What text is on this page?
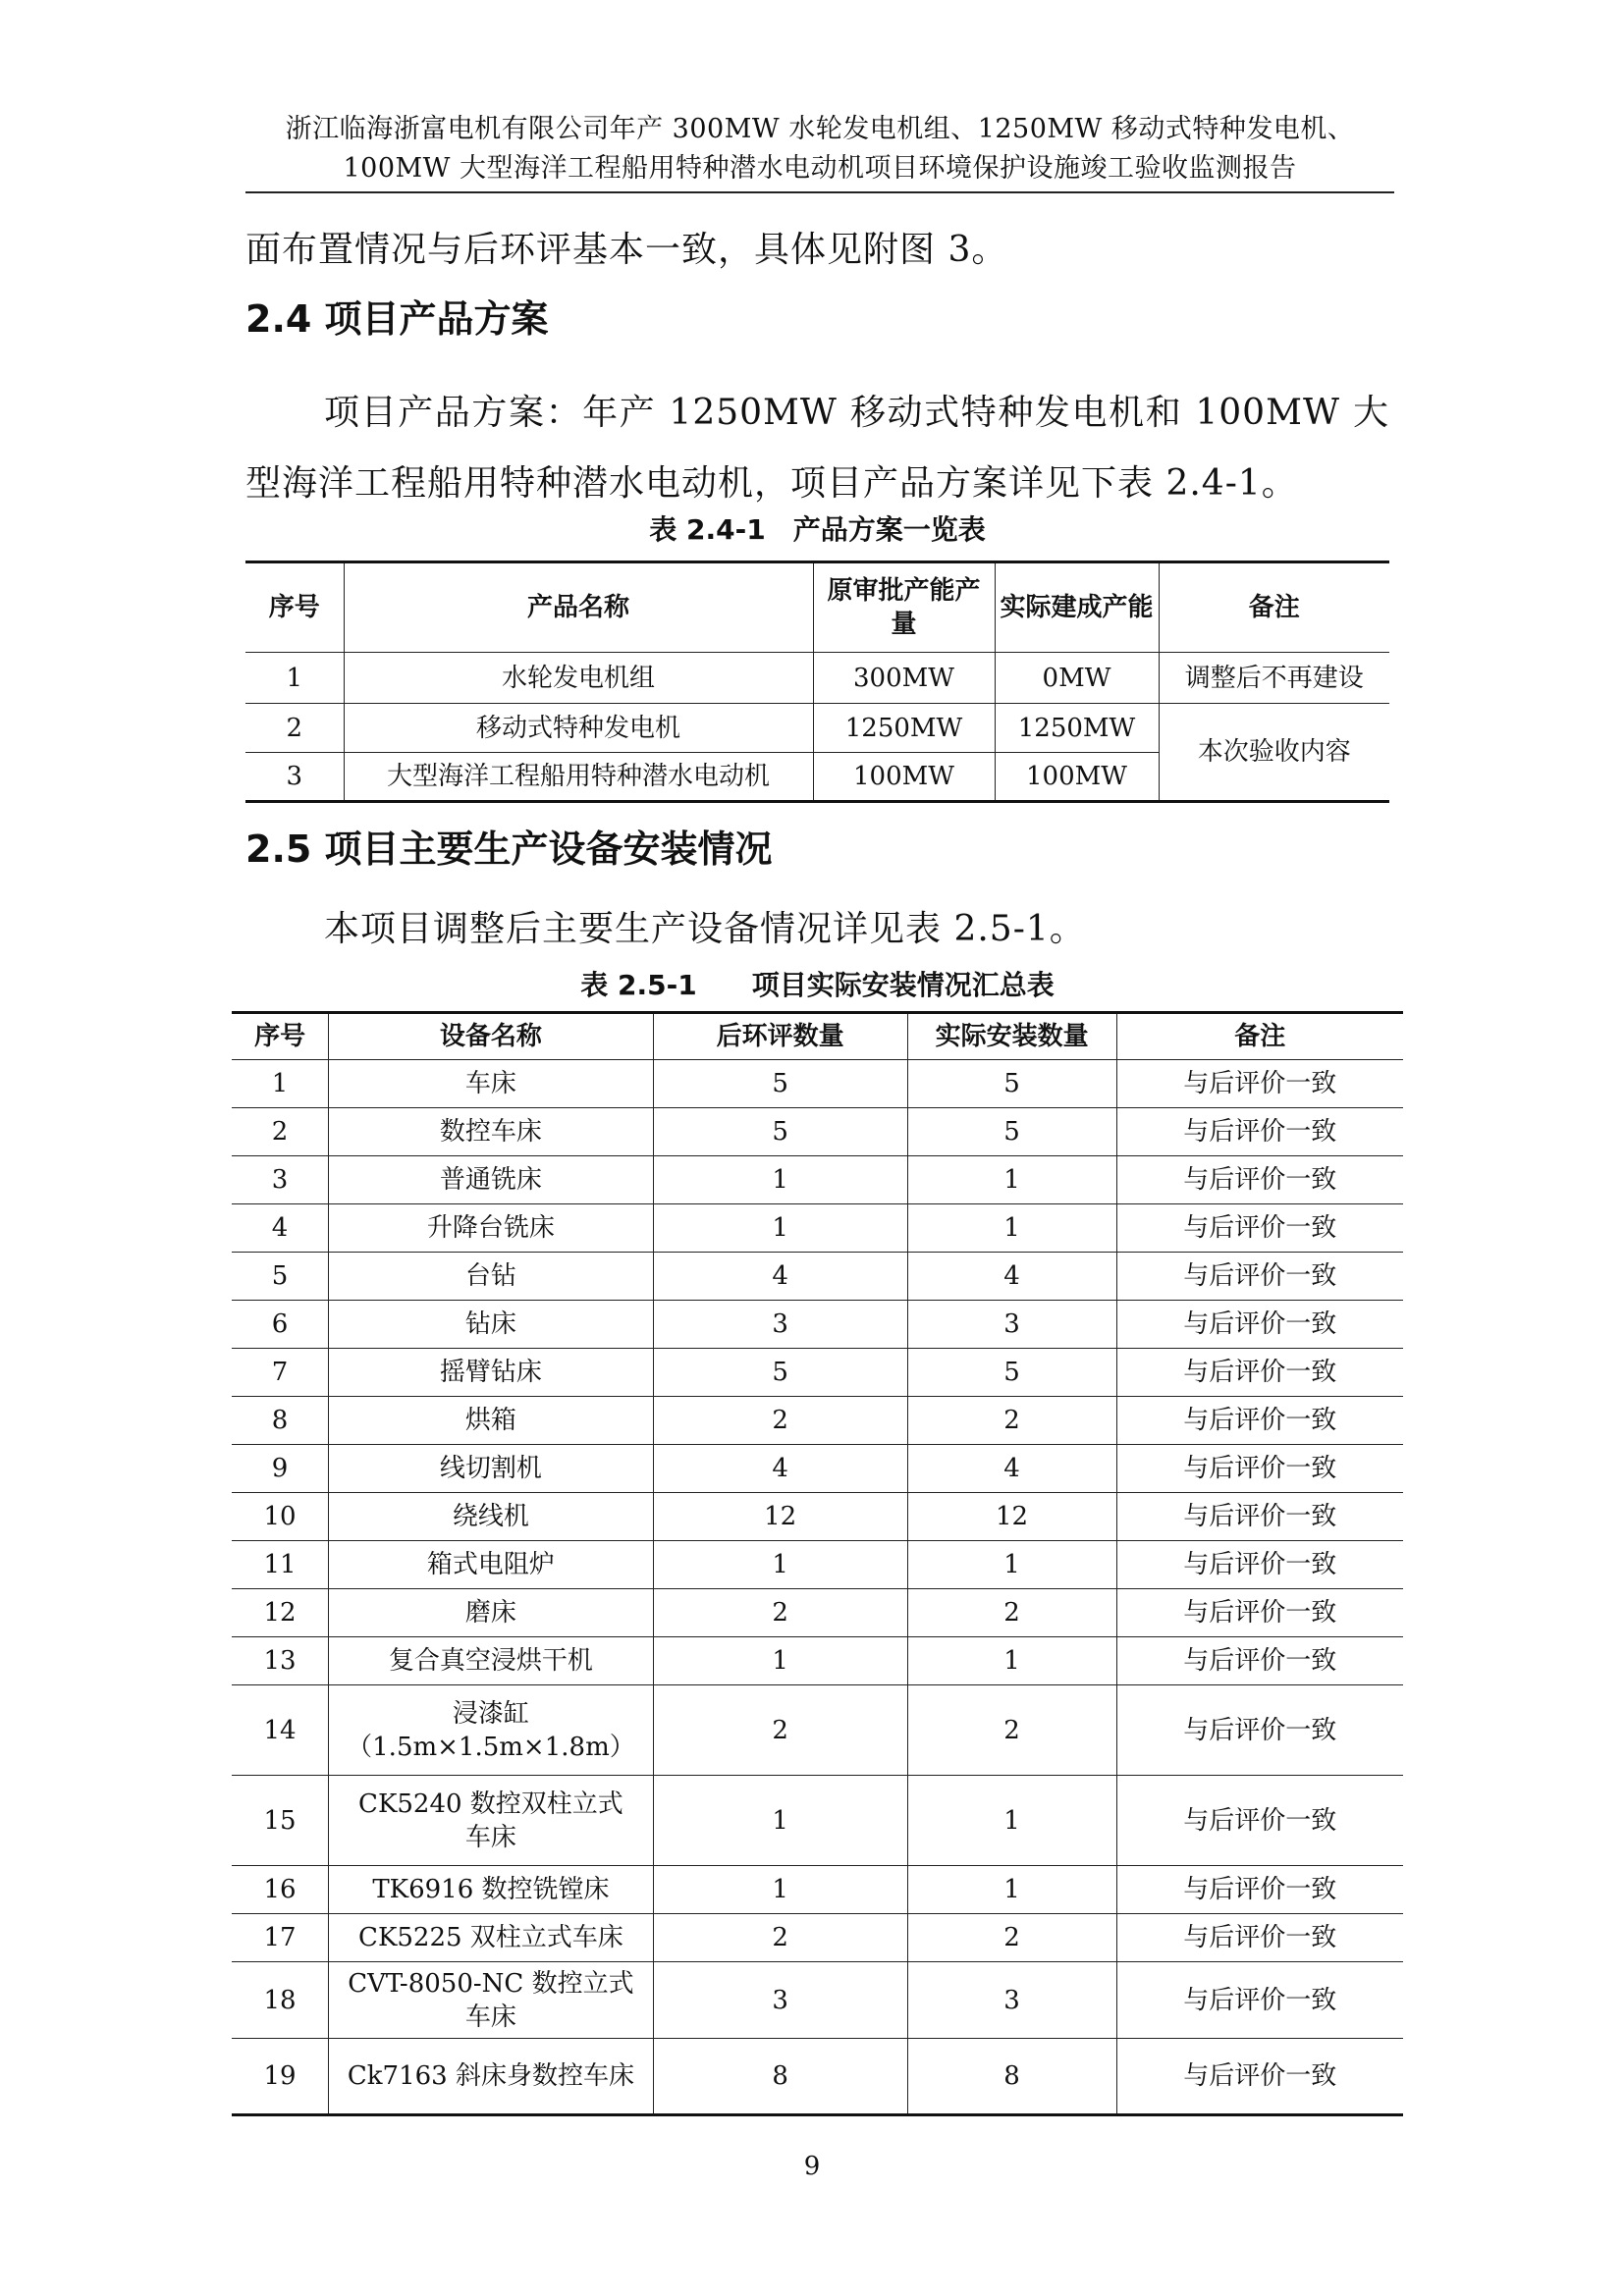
浙江临海浙富电机有限公司年产 300MW 水轮发电机组、1250MW 移动式特种发电机、
100MW 大型海洋工程船用特种潜水电动机项目环境保护设施竣工验收监测报告
面布置情况与后环评基本一致，具体见附图 3。
2.4 项目产品方案
项目产品方案：年产 1250MW 移动式特种发电机和 100MW 大型海洋工程船用特种潜水电动机，项目产品方案详见下表 2.4-1。
表 2.4-1　产品方案一览表
序号	产品名称	原审批产能产量	实际建成产能	备注
1	水轮发电机组	300MW	0MW	调整后不再建设
2	移动式特种发电机	1250MW	1250MW	本次验收内容
3	大型海洋工程船用特种潜水电动机	100MW	100MW	
2.5 项目主要生产设备安装情况
本项目调整后主要生产设备情况详见表 2.5-1。
表 2.5-1　　项目实际安装情况汇总表
序号	设备名称	后环评数量	实际安装数量	备注
1	车床	5	5	与后评价一致
2	数控车床	5	5	与后评价一致
3	普通铣床	1	1	与后评价一致
4	升降台铣床	1	1	与后评价一致
5	台钻	4	4	与后评价一致
6	钻床	3	3	与后评价一致
7	摇臂钻床	5	5	与后评价一致
8	烘箱	2	2	与后评价一致
9	线切割机	4	4	与后评价一致
10	绕线机	12	12	与后评价一致
11	箱式电阻炉	1	1	与后评价一致
12	磨床	2	2	与后评价一致
13	复合真空浸烘干机	1	1	与后评价一致
14	浸漆缸（1.5m×1.5m×1.8m）	2	2	与后评价一致
15	CK5240 数控双柱立式车床	1	1	与后评价一致
16	TK6916 数控铣镗床	1	1	与后评价一致
17	CK5225 双柱立式车床	2	2	与后评价一致
18	CVT-8050-NC 数控立式车床	3	3	与后评价一致
19	Ck7163 斜床身数控车床	8	8	与后评价一致
9
